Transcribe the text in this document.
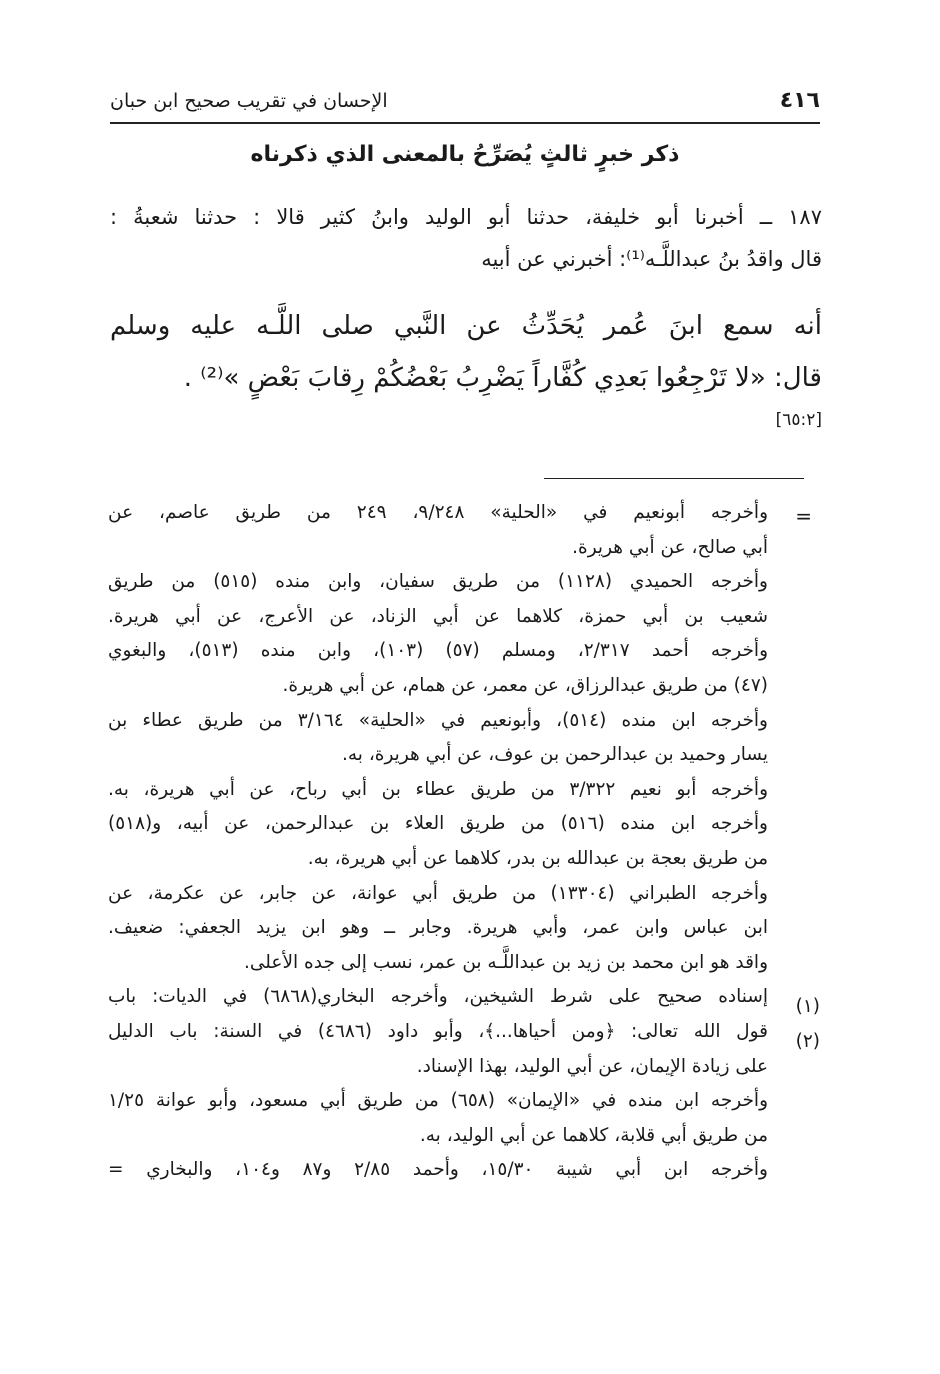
٤١٦
الإحسان في تقريب صحيح ابن حبان
ذكر خبرٍ ثالثٍ يُصَرِّحُ بالمعنى الذي ذكرناه
١٨٧ ــ أخبرنا أبو خليفة، حدثنا أبو الوليد وابنُ كثير قالا : حدثنا شعبةُ :
قال واقدُ بنُ عبداللَّـه⁽¹⁾: أخبرني عن أبيه
أنه سمع ابنَ عُمر يُحَدِّثُ عن النَّبي صلى اللَّـه عليه وسلم
قال: «لا تَرْجِعُوا بَعدِي كُفَّاراً يَضْرِبُ بَعْضُكُمْ رِقابَ بَعْضٍ »⁽²⁾ .
[٦٥:٢]
=
وأخرجه أبونعيم في «الحلية» ٩/٢٤٨، ٢٤٩ من طريق عاصم، عن
أبي صالح، عن أبي هريرة.
وأخرجه الحميدي (١١٢٨) من طريق سفيان، وابن منده (٥١٥) من طريق
شعيب بن أبي حمزة، كلاهما عن أبي الزناد، عن الأعرج، عن أبي هريرة.
وأخرجه أحمد ٢/٣١٧، ومسلم (٥٧) (١٠٣)، وابن منده (٥١٣)، والبغوي
(٤٧) من طريق عبدالرزاق، عن معمر، عن همام، عن أبي هريرة.
وأخرجه ابن منده (٥١٤)، وأبونعيم في «الحلية» ٣/١٦٤ من طريق عطاء بن
يسار وحميد بن عبدالرحمن بن عوف، عن أبي هريرة، به.
وأخرجه أبو نعيم ٣/٣٢٢ من طريق عطاء بن أبي رباح، عن أبي هريرة، به.
وأخرجه ابن منده (٥١٦) من طريق العلاء بن عبدالرحمن، عن أبيه، و(٥١٨)
من طريق بعجة بن عبدالله بن بدر، كلاهما عن أبي هريرة، به.
وأخرجه الطبراني (١٣٣٠٤) من طريق أبي عوانة، عن جابر، عن عكرمة، عن
ابن عباس وابن عمر، وأبي هريرة. وجابر ــ وهو ابن يزيد الجعفي: ضعيف.
واقد هو ابن محمد بن زيد بن عبداللَّـه بن عمر، نسب إلى جده الأعلى.
إسناده صحيح على شرط الشيخين، وأخرجه البخاري(٦٨٦٨) في الديات: باب
قول الله تعالى: ﴿ومن أحياها...﴾، وأبو داود (٤٦٨٦) في السنة: باب الدليل
على زيادة الإيمان، عن أبي الوليد، بهذا الإسناد.
وأخرجه ابن منده في «الإيمان» (٦٥٨) من طريق أبي مسعود، وأبو عوانة ١/٢٥
من طريق أبي قلابة، كلاهما عن أبي الوليد، به.
وأخرجه ابن أبي شيبة ١٥/٣٠، وأحمد ٢/٨٥ و٨٧ و١٠٤، والبخاري =
(١)
(٢)
